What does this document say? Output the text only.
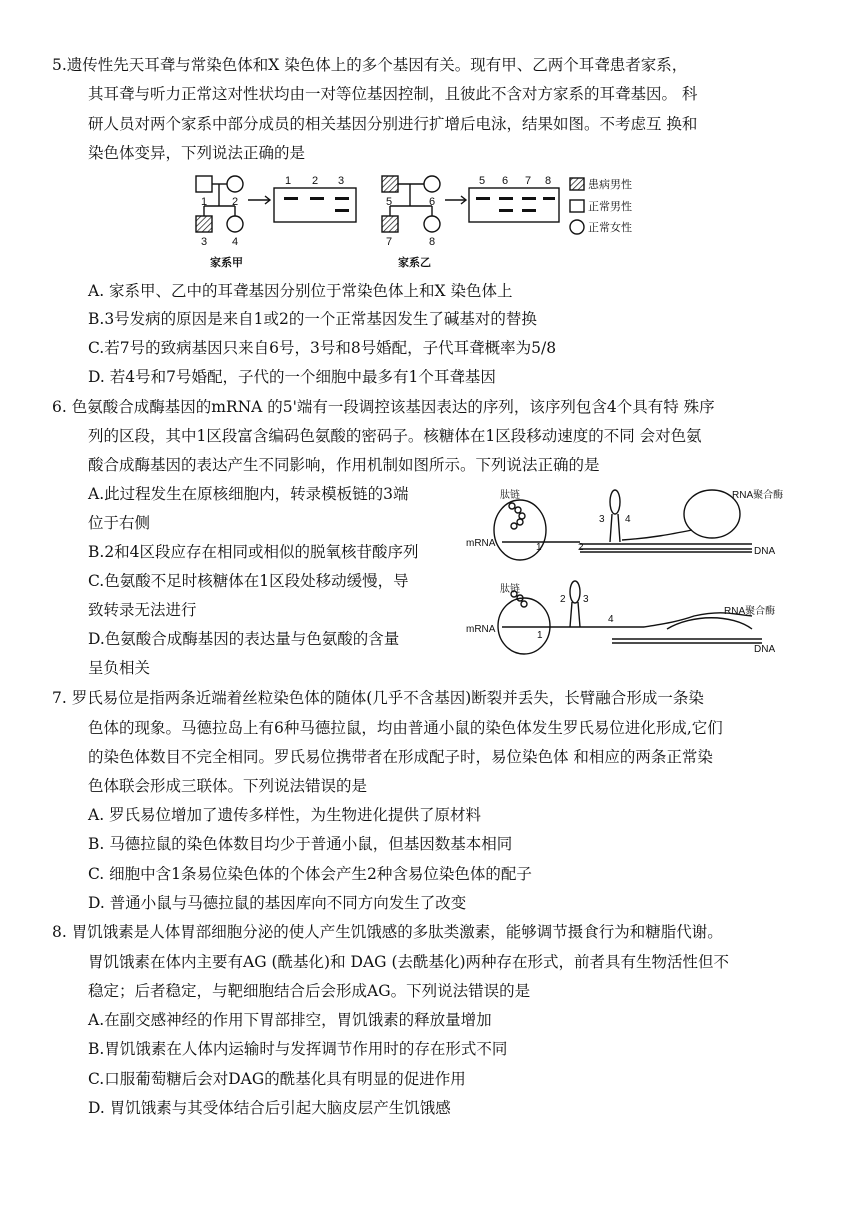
5.遗传性先天耳聋与常染色体和X 染色体上的多个基因有关。现有甲、乙两个耳聋患者家系，
其耳聋与听力正常这对性状均由一对等位基因控制，且彼此不含对方家系的耳聋基因。 科
研人员对两个家系中部分成员的相关基因分别进行扩增后电泳，结果如图。不考虑互 换和
染色体变异，下列说法正确的是
1 2
3 4
1 2 3
5	6
7	8
5 6 7 8	患病男性
正常男性
正常女性
家系甲	家系乙
A. 家系甲、乙中的耳聋基因分别位于常染色体上和X 染色体上
B.3号发病的原因是来自1或2的一个正常基因发生了碱基对的替换
C.若7号的致病基因只来自6号，3号和8号婚配，子代耳聋概率为5/8
D. 若4号和7号婚配，子代的一个细胞中最多有1个耳聋基因
6. 色氨酸合成酶基因的mRNA 的5'端有一段调控该基因表达的序列，该序列包含4个具有特 殊序
列的区段，其中1区段富含编码色氨酸的密码子。核糖体在1区段移动速度的不同 会对色氨
酸合成酶基因的表达产生不同影响，作用机制如图所示。下列说法正确的是
A.此过程发生在原核细胞内，转录模板链的3端
位于右侧
B.2和4区段应存在相同或相似的脱氧核苷酸序列
C.色氨酸不足时核糖体在1区段处移动缓慢，导
致转录无法进行
D.色氨酸合成酶基因的表达量与色氨酸的含量
呈负相关
肽链
mRNA
RNA聚合酶
DNA
1	2
3 4
肽链
mRNA
1
2 3
4
RNA聚合酶
DNA
7. 罗氏易位是指两条近端着丝粒染色体的随体(几乎不含基因)断裂并丢失，长臂融合形成一条染
色体的现象。马德拉岛上有6种马德拉鼠，均由普通小鼠的染色体发生罗氏易位进化形成,它们
的染色体数目不完全相同。罗氏易位携带者在形成配子时，易位染色体 和相应的两条正常染
色体联会形成三联体。下列说法错误的是
A. 罗氏易位增加了遗传多样性，为生物进化提供了原材料
B. 马德拉鼠的染色体数目均少于普通小鼠，但基因数基本相同
C. 细胞中含1条易位染色体的个体会产生2种含易位染色体的配子
D. 普通小鼠与马德拉鼠的基因库向不同方向发生了改变
8. 胃饥饿素是人体胃部细胞分泌的使人产生饥饿感的多肽类激素，能够调节摄食行为和糖脂代谢。
胃饥饿素在体内主要有AG (酰基化)和 DAG (去酰基化)两种存在形式，前者具有生物活性但不
稳定；后者稳定，与靶细胞结合后会形成AG。下列说法错误的是
A.在副交感神经的作用下胃部排空，胃饥饿素的释放量增加
B.胃饥饿素在人体内运输时与发挥调节作用时的存在形式不同
C.口服葡萄糖后会对DAG的酰基化具有明显的促进作用
D. 胃饥饿素与其受体结合后引起大脑皮层产生饥饿感
